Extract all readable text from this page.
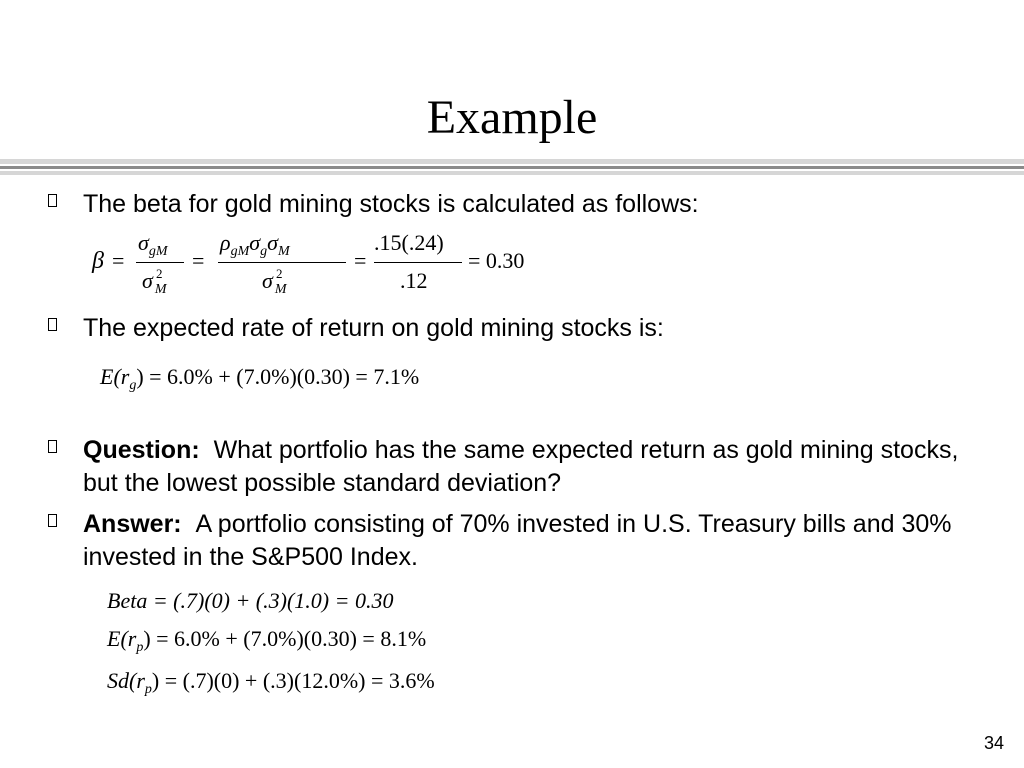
Example
The beta for gold mining stocks is calculated as follows:
β =
$\sigma_{gM}$
σ 2
$_M$
=
$\rho_{gM}\sigma_g\sigma_M$
σ 2
$_M$
=
.15(.24)
.12
= 0.30
The expected rate of return on gold mining stocks is:
$E(r_g) = 6.0\% + (7.0\%)(0.30) = 7.1\%$
Question: What portfolio has the same expected return as gold mining stocks, but the lowest possible standard deviation?
Answer: A portfolio consisting of 70% invested in U.S. Treasury bills and 30% invested in the S&P500 Index.
Beta = (.7)(0) + (.3)(1.0) = 0.30
$E(r_p) = 6.0\% + (7.0\%)(0.30) = 8.1\%$
$Sd(r_p) = (.7)(0) + (.3)(12.0\%) = 3.6\%$
34
